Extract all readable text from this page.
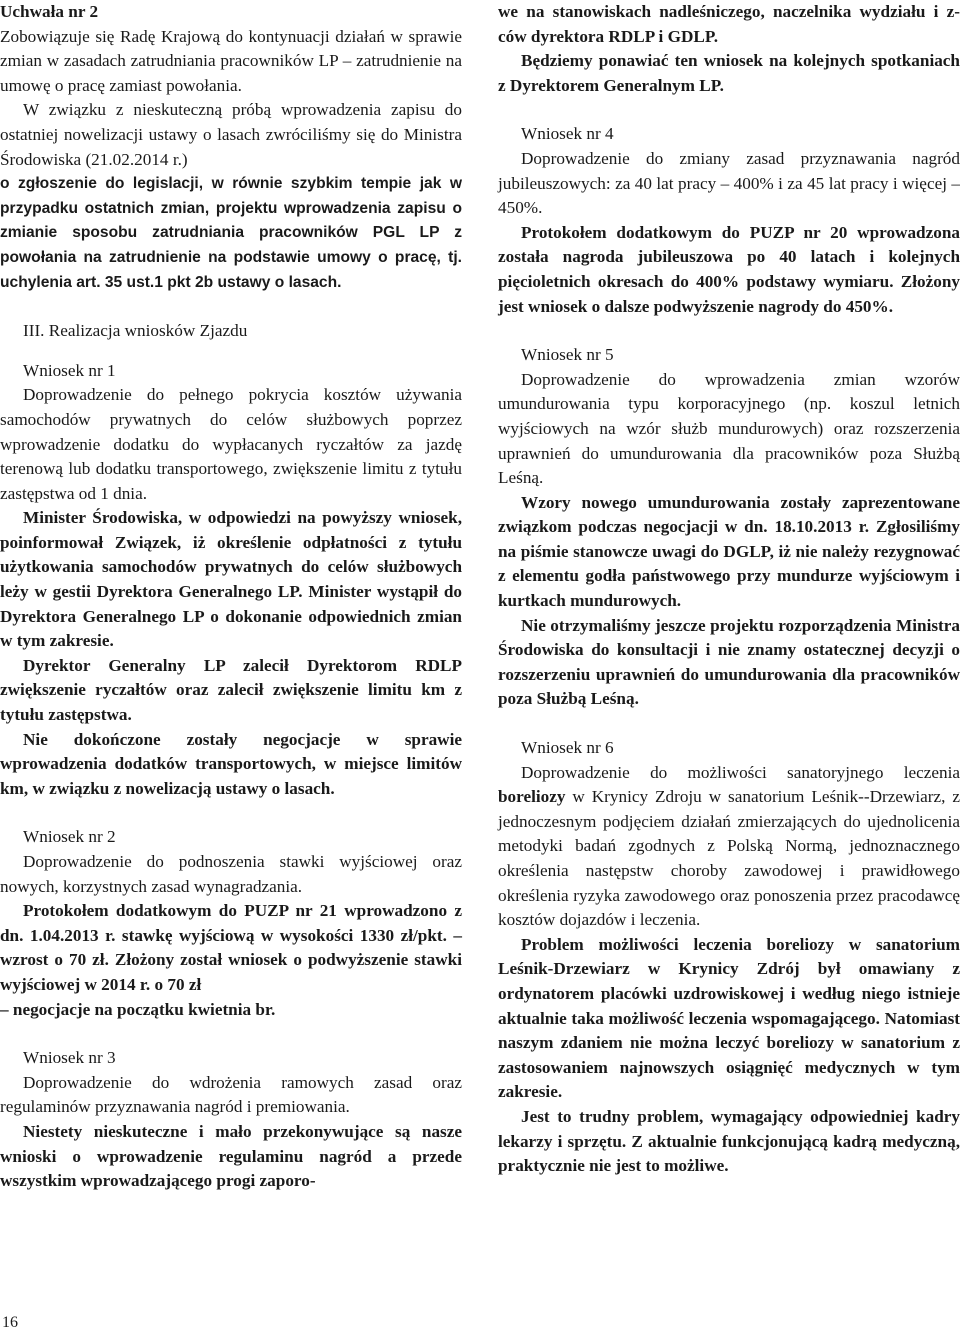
Uchwała nr 2

Zobowiązuje się Radę Krajową do kontynuacji działań w sprawie zmian w zasadach zatrudniania pracowników LP – zatrudnienie na umowę o pracę zamiast powołania.

W związku z nieskuteczną próbą wprowadzenia zapisu do ostatniej nowelizacji ustawy o lasach zwróciliśmy się do Ministra Środowiska (21.02.2014 r.)

o zgłoszenie do legislacji, w równie szybkim tempie jak w przypadku ostatnich zmian, projektu wprowadzenia zapisu o zmianie sposobu zatrudniania pracowników PGL LP z powołania na zatrudnienie na podstawie umowy o pracę, tj. uchylenia art. 35 ust.1 pkt 2b ustawy o lasach.

III. Realizacja wniosków Zjazdu
Wniosek nr 1

Doprowadzenie do pełnego pokrycia kosztów używania samochodów prywatnych do celów służbowych poprzez wprowadzenie dodatku do wypłacanych ryczałtów za jazdę terenową lub dodatku transportowego, zwiększenie limitu z tytułu zastępstwa od 1 dnia.

Minister Środowiska, w odpowiedzi na powyższy wniosek, poinformował Związek, iż określenie odpłatności z tytułu użytkowania samochodów prywatnych do celów służbowych leży w gestii Dyrektora Generalnego LP. Minister wystąpił do Dyrektora Generalnego LP o dokonanie odpowiednich zmian w tym zakresie.

Dyrektor Generalny LP zalecił Dyrektorom RDLP zwiększenie ryczałtów oraz zalecił zwiększenie limitu km z tytułu zastępstwa.

Nie dokończone zostały negocjacje w sprawie wprowadzenia dodatków transportowych, w miejsce limitów km, w związku z nowelizacją ustawy o lasach.

Wniosek nr 2

Doprowadzenie do podnoszenia stawki wyjściowej oraz nowych, korzystnych zasad wynagradzania.

Protokołem dodatkowym do PUZP nr 21 wprowadzono z dn. 1.04.2013 r. stawkę wyjściową w wysokości 1330 zł/pkt. – wzrost o 70 zł. Złożony został wniosek o podwyższenie stawki wyjściowej w 2014 r. o 70 zł

– negocjacje na początku kwietnia br.

Wniosek nr 3

Doprowadzenie do wdrożenia ramowych zasad oraz regulaminów przyznawania nagród i premiowania.

Niestety nieskuteczne i mało przekonywujące są nasze wnioski o wprowadzenie regulaminu nagród a przede wszystkim wprowadzającego progi zaporo-

we na stanowiskach nadleśniczego, naczelnika wydziału i z-ców dyrektora RDLP i GDLP.

Będziemy ponawiać ten wniosek na kolejnych spotkaniach z Dyrektorem Generalnym LP.

Wniosek nr 4

Doprowadzenie do zmiany zasad przyznawania nagród jubileuszowych: za 40 lat pracy – 400% i za 45 lat pracy i więcej – 450%.

Protokołem dodatkowym do PUZP nr 20 wprowadzona została nagroda jubileuszowa po 40 latach i kolejnych pięcioletnich okresach do 400% podstawy wymiaru. Złożony jest wniosek o dalsze podwyższenie nagrody do 450%.

Wniosek nr 5

Doprowadzenie do wprowadzenia zmian wzorów umundurowania typu korporacyjnego (np. koszul letnich wyjściowych na wzór służb mundurowych) oraz rozszerzenia uprawnień do umundurowania dla pracowników poza Służbą Leśną.

Wzory nowego umundurowania zostały zaprezentowane związkom podczas negocjacji w dn. 18.10.2013 r. Zgłosiliśmy na piśmie stanowcze uwagi do DGLP, iż nie należy rezygnować z elementu godła państwowego przy mundurze wyjściowym i kurtkach mundurowych.

Nie otrzymaliśmy jeszcze projektu rozporządzenia Ministra Środowiska do konsultacji i nie znamy ostatecznej decyzji o rozszerzeniu uprawnień do umundurowania dla pracowników poza Służbą Leśną.

Wniosek nr 6

Doprowadzenie do możliwości sanatoryjnego leczenia boreliozy w Krynicy Zdroju w sanatorium Leśnik--Drzewiarz, z jednoczesnym podjęciem działań zmierzających do ujednolicenia metodyki badań zgodnych z Polską Normą, jednoznacznego określenia następstw choroby zawodowej i prawidłowego określenia ryzyka zawodowego oraz ponoszenia przez pracodawcę kosztów dojazdów i leczenia.

Problem możliwości leczenia boreliozy w sanatorium Leśnik-Drzewiarz w Krynicy Zdrój był omawiany z ordynatorem placówki uzdrowiskowej i według niego istnieje aktualnie taka możliwość leczenia wspomagającego. Natomiast naszym zdaniem nie można leczyć boreliozy w sanatorium z zastosowaniem najnowszych osiągnięć medycznych w tym zakresie.

Jest to trudny problem, wymagający odpowiedniej kadry lekarzy i sprzętu. Z aktualnie funkcjonującą kadrą medyczną, praktycznie nie jest to możliwe.

16
